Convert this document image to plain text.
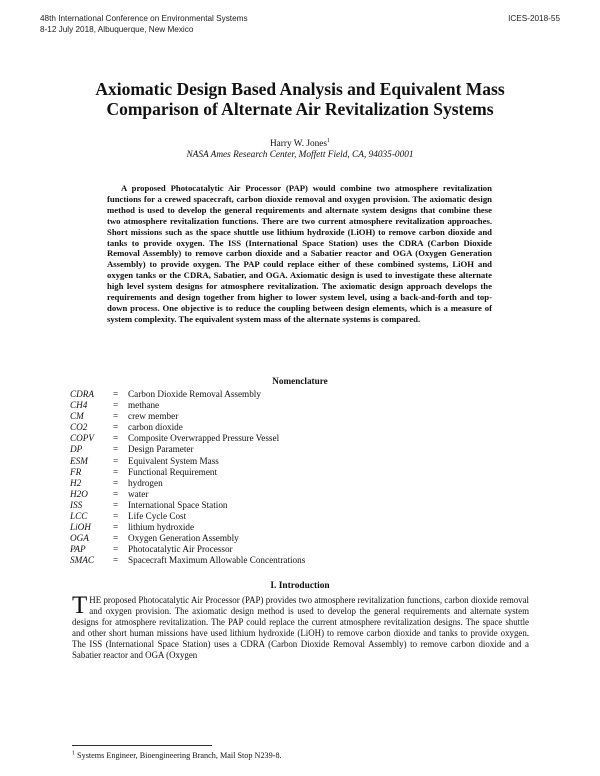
48th International Conference on Environmental Systems
8-12 July 2018, Albuquerque, New Mexico
ICES-2018-55
Axiomatic Design Based Analysis and Equivalent Mass
Comparison of Alternate Air Revitalization Systems
Harry W. Jones$^1$
NASA Ames Research Center, Moffett Field, CA, 94035-0001

A proposed Photocatalytic Air Processor (PAP) would combine two atmosphere revitalization functions for a crewed spacecraft, carbon dioxide removal and oxygen provision. The axiomatic design method is used to develop the general requirements and alternate system designs that combine these two atmosphere revitalization functions. There are two current atmosphere revitalization approaches. Short missions such as the space shuttle use lithium hydroxide (LiOH) to remove carbon dioxide and tanks to provide oxygen. The ISS (International Space Station) uses the CDRA (Carbon Dioxide Removal Assembly) to remove carbon dioxide and a Sabatier reactor and OGA (Oxygen Generation Assembly) to provide oxygen. The PAP could replace either of these combined systems, LiOH and oxygen tanks or the CDRA, Sabatier, and OGA. Axiomatic design is used to investigate these alternate high level system designs for atmosphere revitalization. The axiomatic design approach develops the requirements and design together from higher to lower system level, using a back-and-forth and top-down process. One objective is to reduce the coupling between design elements, which is a measure of system complexity. The equivalent system mass of the alternate systems is compared.

Nomenclature
CDRA = Carbon Dioxide Removal Assembly
CH4	= methane
CM	= crew member
CO2	= carbon dioxide
COPV = Composite Overwrapped Pressure Vessel
DP	= Design Parameter
ESM	= Equivalent System Mass
FR	= Functional Requirement
H2	= hydrogen
H2O	= water
ISS	= International Space Station
LCC	= Life Cycle Cost
LiOH = lithium hydroxide
OGA	= Oxygen Generation Assembly
PAP	= Photocatalytic Air Processor
SMAC = Spacecraft Maximum Allowable Concentrations
I. Introduction

THE proposed Photocatalytic Air Processor (PAP) provides two atmosphere revitalization functions, carbon dioxide removal and oxygen provision. The axiomatic design method is used to develop the general requirements and alternate system designs for atmosphere revitalization. The PAP could replace the current atmosphere revitalization designs. The space shuttle and other short human missions have used lithium hydroxide (LiOH) to remove carbon dioxide and tanks to provide oxygen. The ISS (International Space Station) uses a CDRA (Carbon Dioxide Removal Assembly) to remove carbon dioxide and a Sabatier reactor and OGA (Oxygen

$^1$ Systems Engineer, Bioengineering Branch, Mail Stop N239-8.
